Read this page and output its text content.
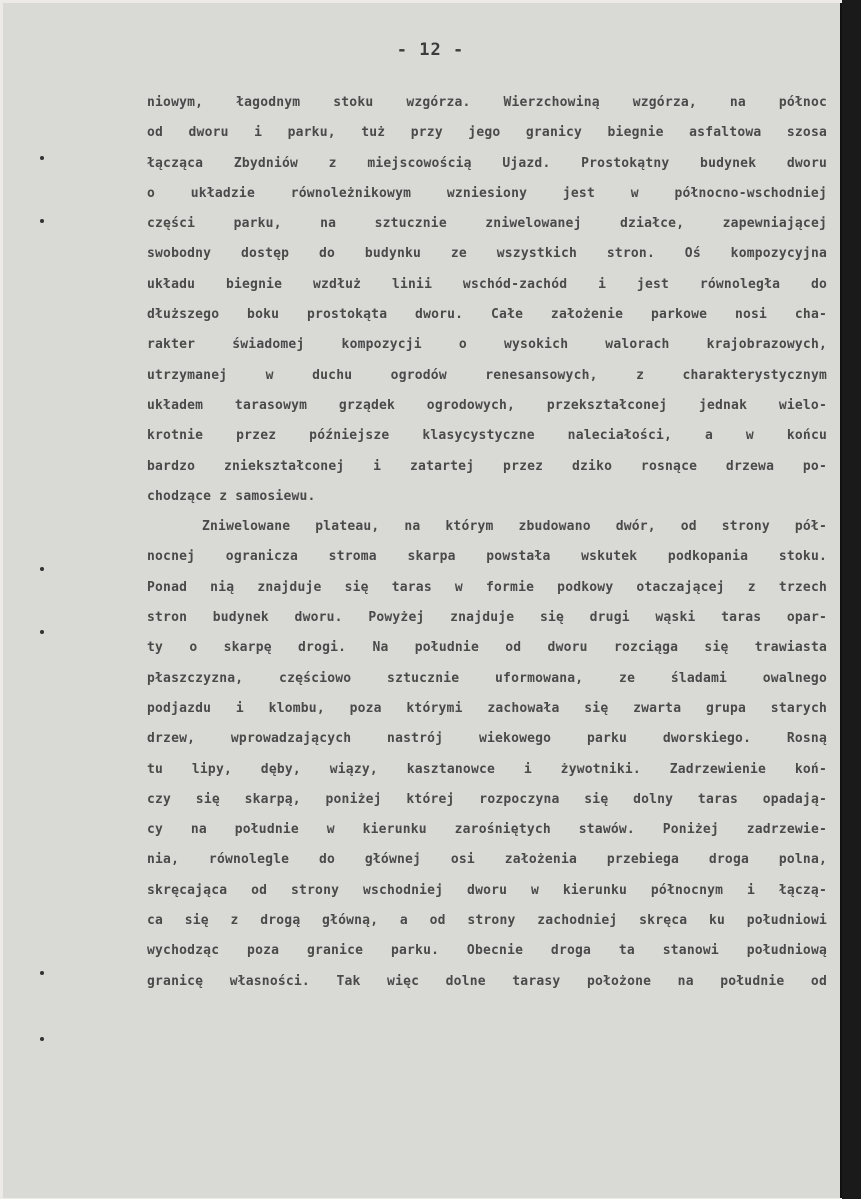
- 12 -
niowym, łagodnym stoku wzgórza. Wierzchowiną wzgórza, na północ
od dworu i parku, tuż przy jego granicy biegnie asfaltowa szosa
łącząca Zbydniów z miejscowością Ujazd. Prostokątny budynek dworu
o układzie równoleżnikowym wzniesiony jest w północno-wschodniej
części parku, na sztucznie zniwelowanej działce, zapewniającej
swobodny dostęp do budynku ze wszystkich stron. Oś kompozycyjna
układu biegnie wzdłuż linii wschód-zachód i jest równoległa do
dłuższego boku prostokąta dworu. Całe założenie parkowe nosi cha-
rakter świadomej kompozycji o wysokich walorach krajobrazowych,
utrzymanej w duchu ogrodów renesansowych, z charakterystycznym
układem tarasowym grządek ogrodowych, przekształconej jednak wielo-
krotnie przez późniejsze klasycystyczne naleciałości, a w końcu
bardzo zniekształconej i zatartej przez dziko rosnące drzewa po-
chodzące z samosiewu.
Zniwelowane plateau, na którym zbudowano dwór, od strony pół-
nocnej ogranicza stroma skarpa powstała wskutek podkopania stoku.
Ponad nią znajduje się taras w formie podkowy otaczającej z trzech
stron budynek dworu. Powyżej znajduje się drugi wąski taras opar-
ty o skarpę drogi. Na południe od dworu rozciąga się trawiasta
płaszczyzna, częściowo sztucznie uformowana, ze śladami owalnego
podjazdu i klombu, poza którymi zachowała się zwarta grupa starych
drzew, wprowadzających nastrój wiekowego parku dworskiego. Rosną
tu lipy, dęby, wiązy, kasztanowce i żywotniki. Zadrzewienie koń-
czy się skarpą, poniżej której rozpoczyna się dolny taras opadają-
cy na południe w kierunku zarośniętych stawów. Poniżej zadrzewie-
nia, równolegle do głównej osi założenia przebiega droga polna,
skręcająca od strony wschodniej dworu w kierunku północnym i łączą-
ca się z drogą główną, a od strony zachodniej skręca ku południowi
wychodząc poza granice parku. Obecnie droga ta stanowi południową
granicę własności. Tak więc dolne tarasy położone na południe od
